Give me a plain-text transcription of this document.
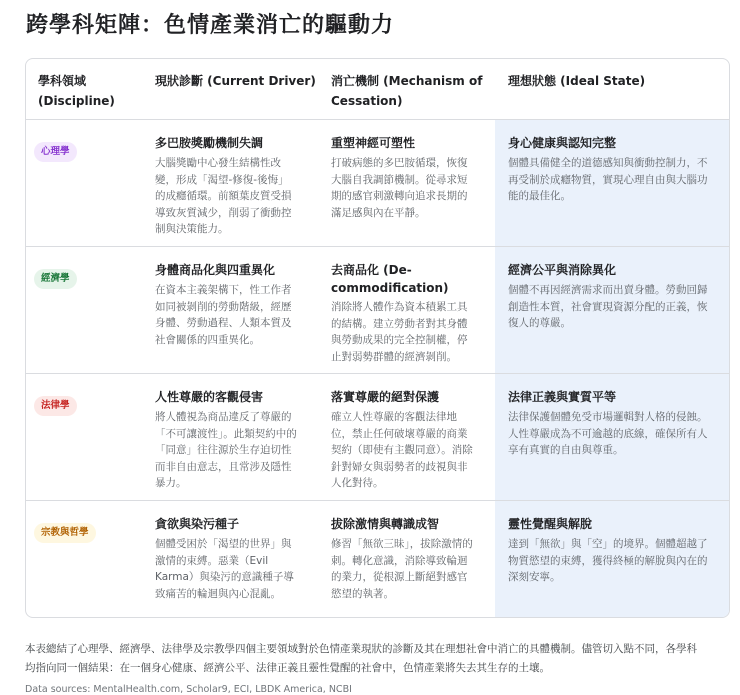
跨學科矩陣：色情產業消亡的驅動力
學科領域
(Discipline)
現狀診斷 (Current Driver)	消亡機制 (Mechanism of
Cessation)
理想狀態 (Ideal State)
心理學
多巴胺獎勵機制失調
大腦獎勵中心發生結構性改
變，形成「渴望-修復-後悔」
的成癮循環。前額葉皮質受損
導致灰質減少，削弱了衝動控
制與決策能力。
重塑神經可塑性
打破病態的多巴胺循環，恢復
大腦自我調節機制。從尋求短
期的感官刺激轉向追求長期的
滿足感與內在平靜。
身心健康與認知完整
個體具備健全的道德感知與衝動控制力，不
再受制於成癮物質，實現心理自由與大腦功
能的最佳化。
經濟學
身體商品化與四重異化
在資本主義架構下，性工作者
如同被剝削的勞動階級，經歷
身體、勞動過程、人類本質及
社會關係的四重異化。
去商品化 (De-
commodification)
消除將人體作為資本積累工具
的結構。建立勞動者對其身體
與勞動成果的完全控制權，停
止對弱勢群體的經濟剝削。
經濟公平與消除異化
個體不再因經濟需求而出賣身體。勞動回歸
創造性本質，社會實現資源分配的正義，恢
復人的尊嚴。
法律學
人性尊嚴的客觀侵害
將人體視為商品違反了尊嚴的
「不可讓渡性」。此類契約中的
「同意」往往源於生存迫切性
而非自由意志，且常涉及隱性
暴力。
落實尊嚴的絕對保護
確立人性尊嚴的客觀法律地
位，禁止任何破壞尊嚴的商業
契約（即使有主觀同意）。消除
針對婦女與弱勢者的歧視與非
人化對待。
法律正義與實質平等
法律保護個體免受市場邏輯對人格的侵蝕。
人性尊嚴成為不可逾越的底線，確保所有人
享有真實的自由與尊重。
宗教與哲學
貪欲與染污種子
個體受困於「渴望的世界」與
激情的束縛。惡業（Evil
Karma）與染污的意識種子導
致痛苦的輪迴與內心混亂。
拔除激情與轉識成智
修習「無欲三昧」，拔除激情的
刺。轉化意識，消除導致輪迴
的業力，從根源上斷絕對感官
慾望的執著。
靈性覺醒與解脫
達到「無欲」與「空」的境界。個體超越了
物質慾望的束縛，獲得終極的解脫與內在的
深刻安寧。
本表總結了心理學、經濟學、法律學及宗教學四個主要領域對於色情產業現狀的診斷及其在理想社會中消亡的具體機制。儘管切入點不同，各學科
均指向同一個結果：在一個身心健康、經濟公平、法律正義且靈性覺醒的社會中，色情產業將失去其生存的土壤。
Data sources: MentalHealth.com, Scholar9, ECI, LBDK America, NCBI
